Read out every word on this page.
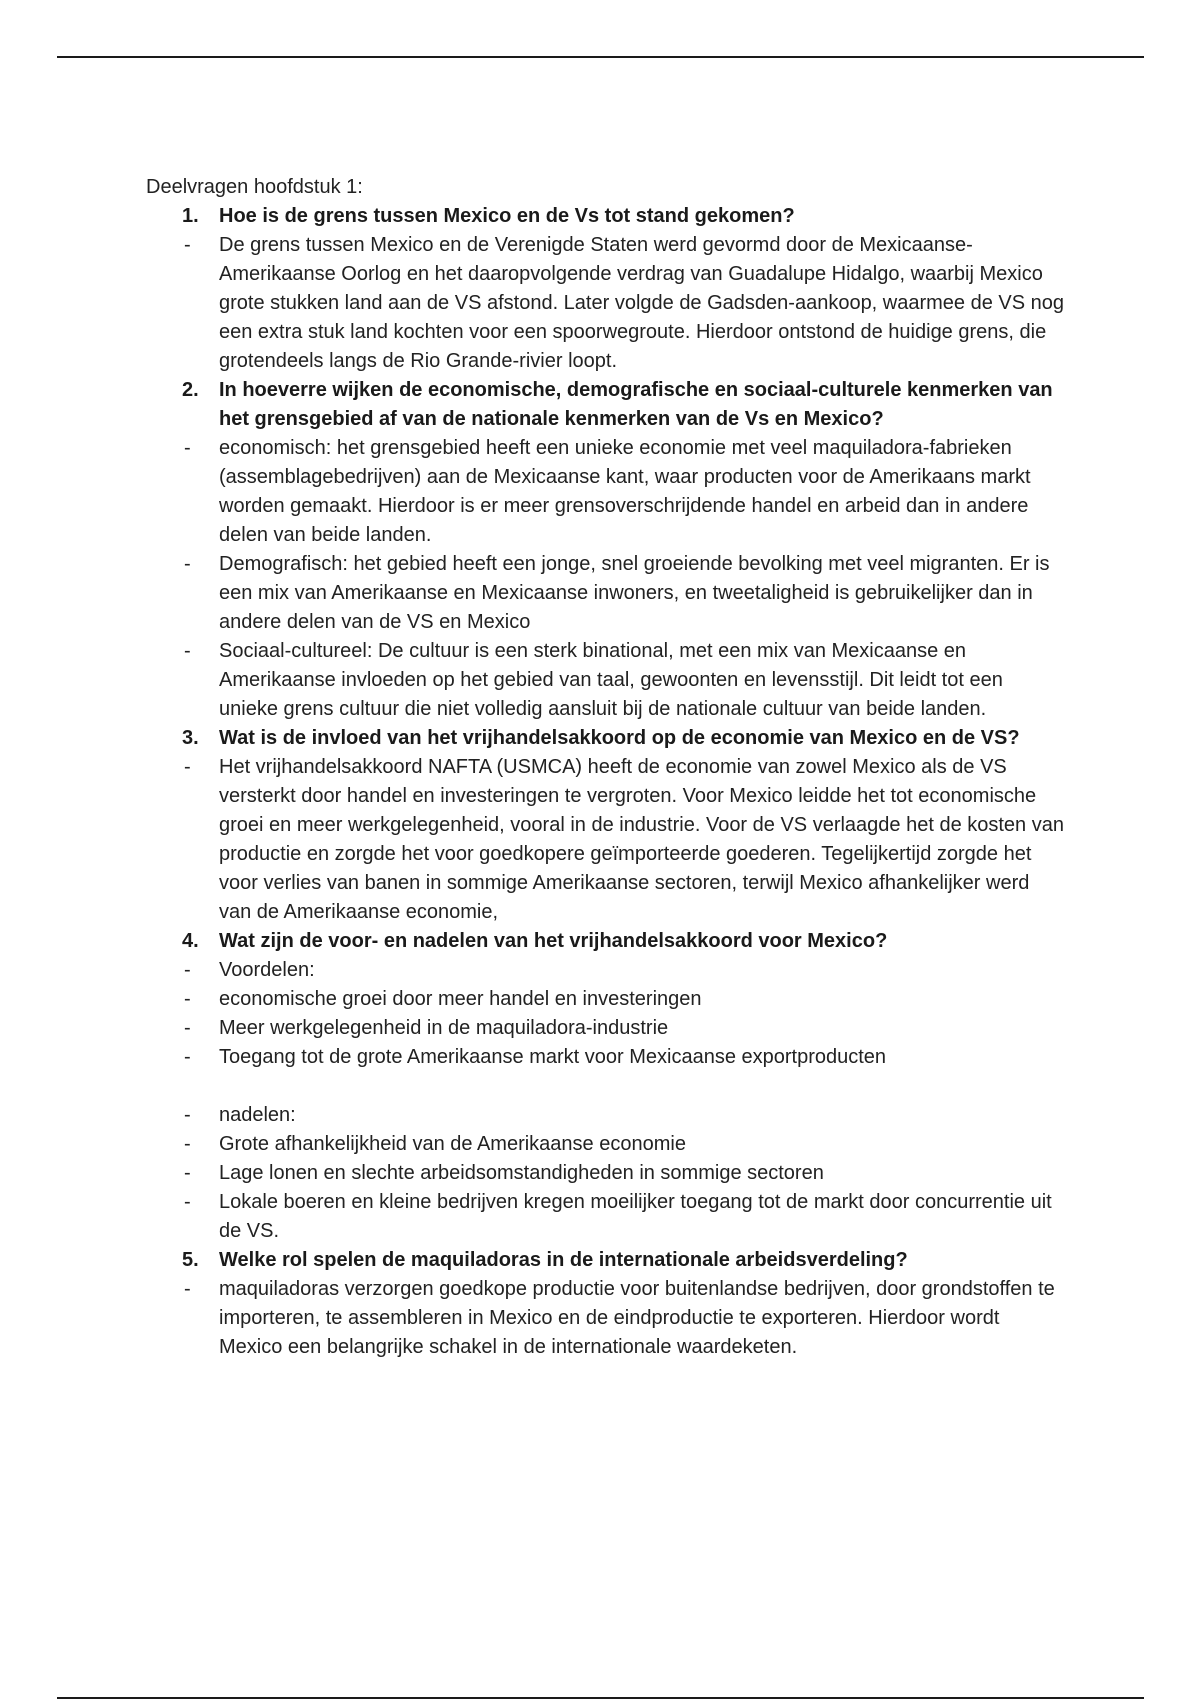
Deelvragen hoofdstuk 1:

1.	Hoe is de grens tussen Mexico en de Vs tot stand gekomen?
-	De grens tussen Mexico en de Verenigde Staten werd gevormd door de Mexicaanse-Amerikaanse Oorlog en het daaropvolgende verdrag van Guadalupe Hidalgo, waarbij Mexico grote stukken land aan de VS afstond. Later volgde de Gadsden-aankoop, waarmee de VS nog een extra stuk land kochten voor een spoorwegroute. Hierdoor ontstond de huidige grens, die grotendeels langs de Rio Grande-rivier loopt.
2.	In hoeverre wijken de economische, demografische en sociaal-culturele kenmerken van het grensgebied af van de nationale kenmerken van de Vs en Mexico?
-	economisch: het grensgebied heeft een unieke economie met veel maquiladora-fabrieken (assemblagebedrijven) aan de Mexicaanse kant, waar producten voor de Amerikaans markt worden gemaakt. Hierdoor is er meer grensoverschrijdende handel en arbeid dan in andere delen van beide landen.
-	Demografisch: het gebied heeft een jonge, snel groeiende bevolking met veel migranten. Er is een mix van Amerikaanse en Mexicaanse inwoners, en tweetaligheid is gebruikelijker dan in andere delen van de VS en Mexico
-	Sociaal-cultureel: De cultuur is een sterk binational, met een mix van Mexicaanse en Amerikaanse invloeden op het gebied van taal, gewoonten en levensstijl. Dit leidt tot een unieke grens cultuur die niet volledig aansluit bij de nationale cultuur van beide landen.
3.	Wat is de invloed van het vrijhandelsakkoord op de economie van Mexico en de VS?
-	Het vrijhandelsakkoord NAFTA (USMCA) heeft de economie van zowel Mexico als de VS versterkt door handel en investeringen te vergroten. Voor Mexico leidde het tot economische groei en meer werkgelegenheid, vooral in de industrie. Voor de VS verlaagde het de kosten van productie en zorgde het voor goedkopere geïmporteerde goederen. Tegelijkertijd zorgde het voor verlies van banen in sommige Amerikaanse sectoren, terwijl Mexico afhankelijker werd van de Amerikaanse economie,
4.	Wat zijn de voor- en nadelen van het vrijhandelsakkoord voor Mexico?
-	Voordelen:
-	economische groei door meer handel en investeringen
-	Meer werkgelegenheid in de maquiladora-industrie
-	Toegang tot de grote Amerikaanse markt voor Mexicaanse exportproducten
-	nadelen:
-	Grote afhankelijkheid van de Amerikaanse economie
-	Lage lonen en slechte arbeidsomstandigheden in sommige sectoren
-	Lokale boeren en kleine bedrijven kregen moeilijker toegang tot de markt door concurrentie uit de VS.
5.	Welke rol spelen de maquiladoras in de internationale arbeidsverdeling?
-	maquiladoras verzorgen goedkope productie voor buitenlandse bedrijven, door grondstoffen te importeren, te assembleren in Mexico en de eindproductie te exporteren. Hierdoor wordt Mexico een belangrijke schakel in de internationale waardeketen.
